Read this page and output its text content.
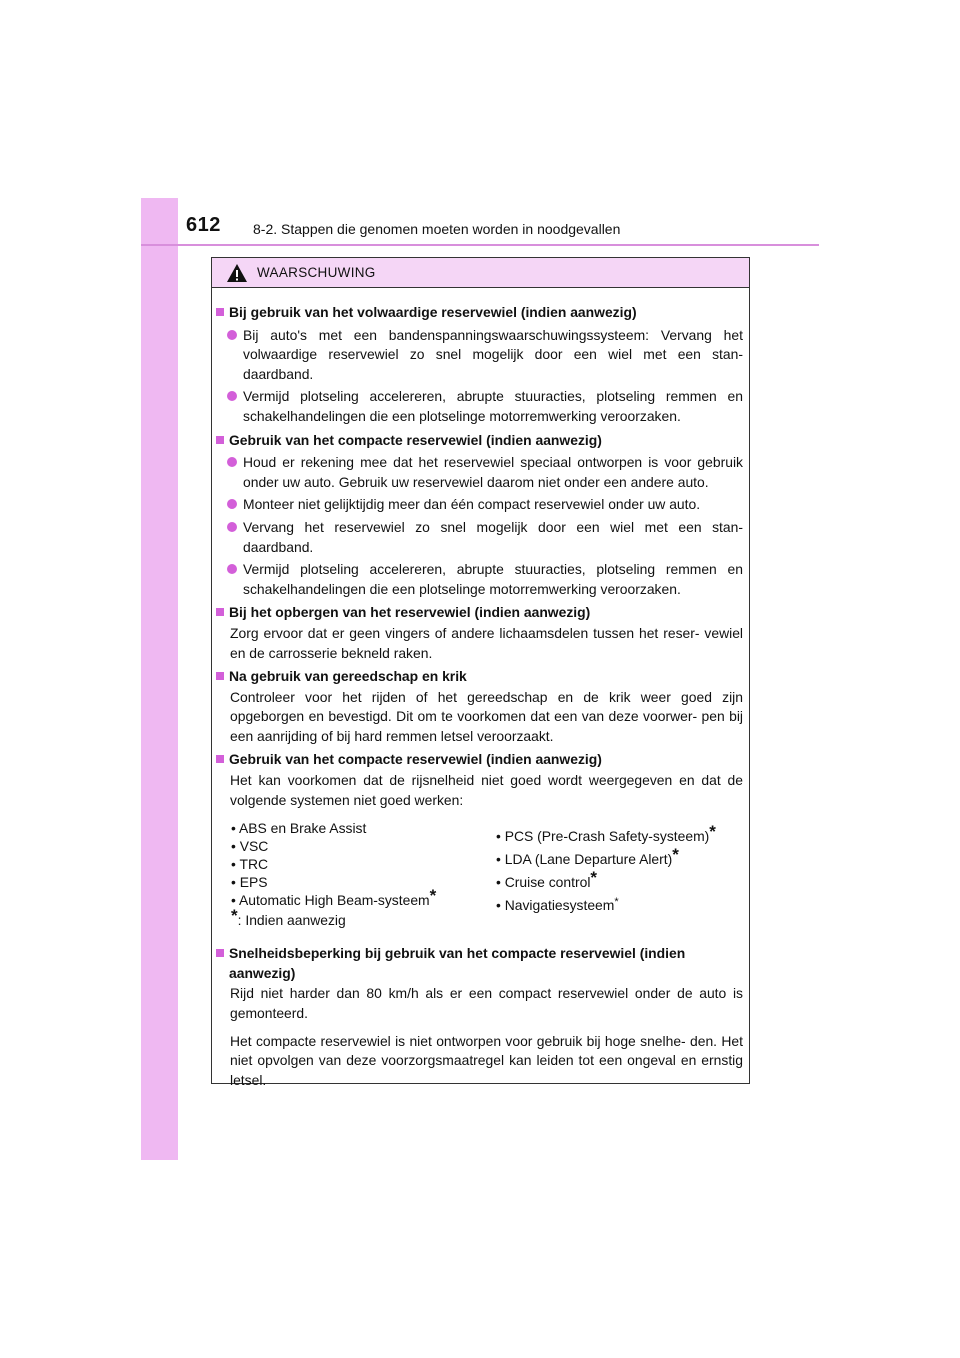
612 8-2. Stappen die genomen moeten worden in noodgevallen
WAARSCHUWING
Bij gebruik van het volwaardige reservewiel (indien aanwezig)
Bij auto's met een bandenspanningswaarschuwingssysteem: Vervang het volwaardige reservewiel zo snel mogelijk door een wiel met een stan- daardband.
Vermijd plotseling accelereren, abrupte stuuracties, plotseling remmen en schakelhandelingen die een plotselinge motorremwerking veroorzaken.
Gebruik van het compacte reservewiel (indien aanwezig)
Houd er rekening mee dat het reservewiel speciaal ontworpen is voor gebruik onder uw auto. Gebruik uw reservewiel daarom niet onder een andere auto.
Monteer niet gelijktijdig meer dan één compact reservewiel onder uw auto.
Vervang het reservewiel zo snel mogelijk door een wiel met een stan- daardband.
Vermijd plotseling accelereren, abrupte stuuracties, plotseling remmen en schakelhandelingen die een plotselinge motorremwerking veroorzaken.
Bij het opbergen van het reservewiel (indien aanwezig)
Zorg ervoor dat er geen vingers of andere lichaamsdelen tussen het reser- vewiel en de carrosserie bekneld raken.
Na gebruik van gereedschap en krik
Controleer voor het rijden of het gereedschap en de krik weer goed zijn opgeborgen en bevestigd. Dit om te voorkomen dat een van deze voorwer- pen bij een aanrijding of bij hard remmen letsel veroorzaakt.
Gebruik van het compacte reservewiel (indien aanwezig)
Het kan voorkomen dat de rijsnelheid niet goed wordt weergegeven en dat de volgende systemen niet goed werken:
• ABS en Brake Assist
• VSC
• TRC
• EPS
• Automatic High Beam-systeem*
*: Indien aanwezig
• PCS (Pre-Crash Safety-systeem)*
• LDA (Lane Departure Alert)*
• Cruise control*
• Navigatiesysteem*
Snelheidsbeperking bij gebruik van het compacte reservewiel (indien aanwezig)
Rijd niet harder dan 80 km/h als er een compact reservewiel onder de auto is gemonteerd.
Het compacte reservewiel is niet ontworpen voor gebruik bij hoge snelhe- den. Het niet opvolgen van deze voorzorgsmaatregel kan leiden tot een ongeval en ernstig letsel.
